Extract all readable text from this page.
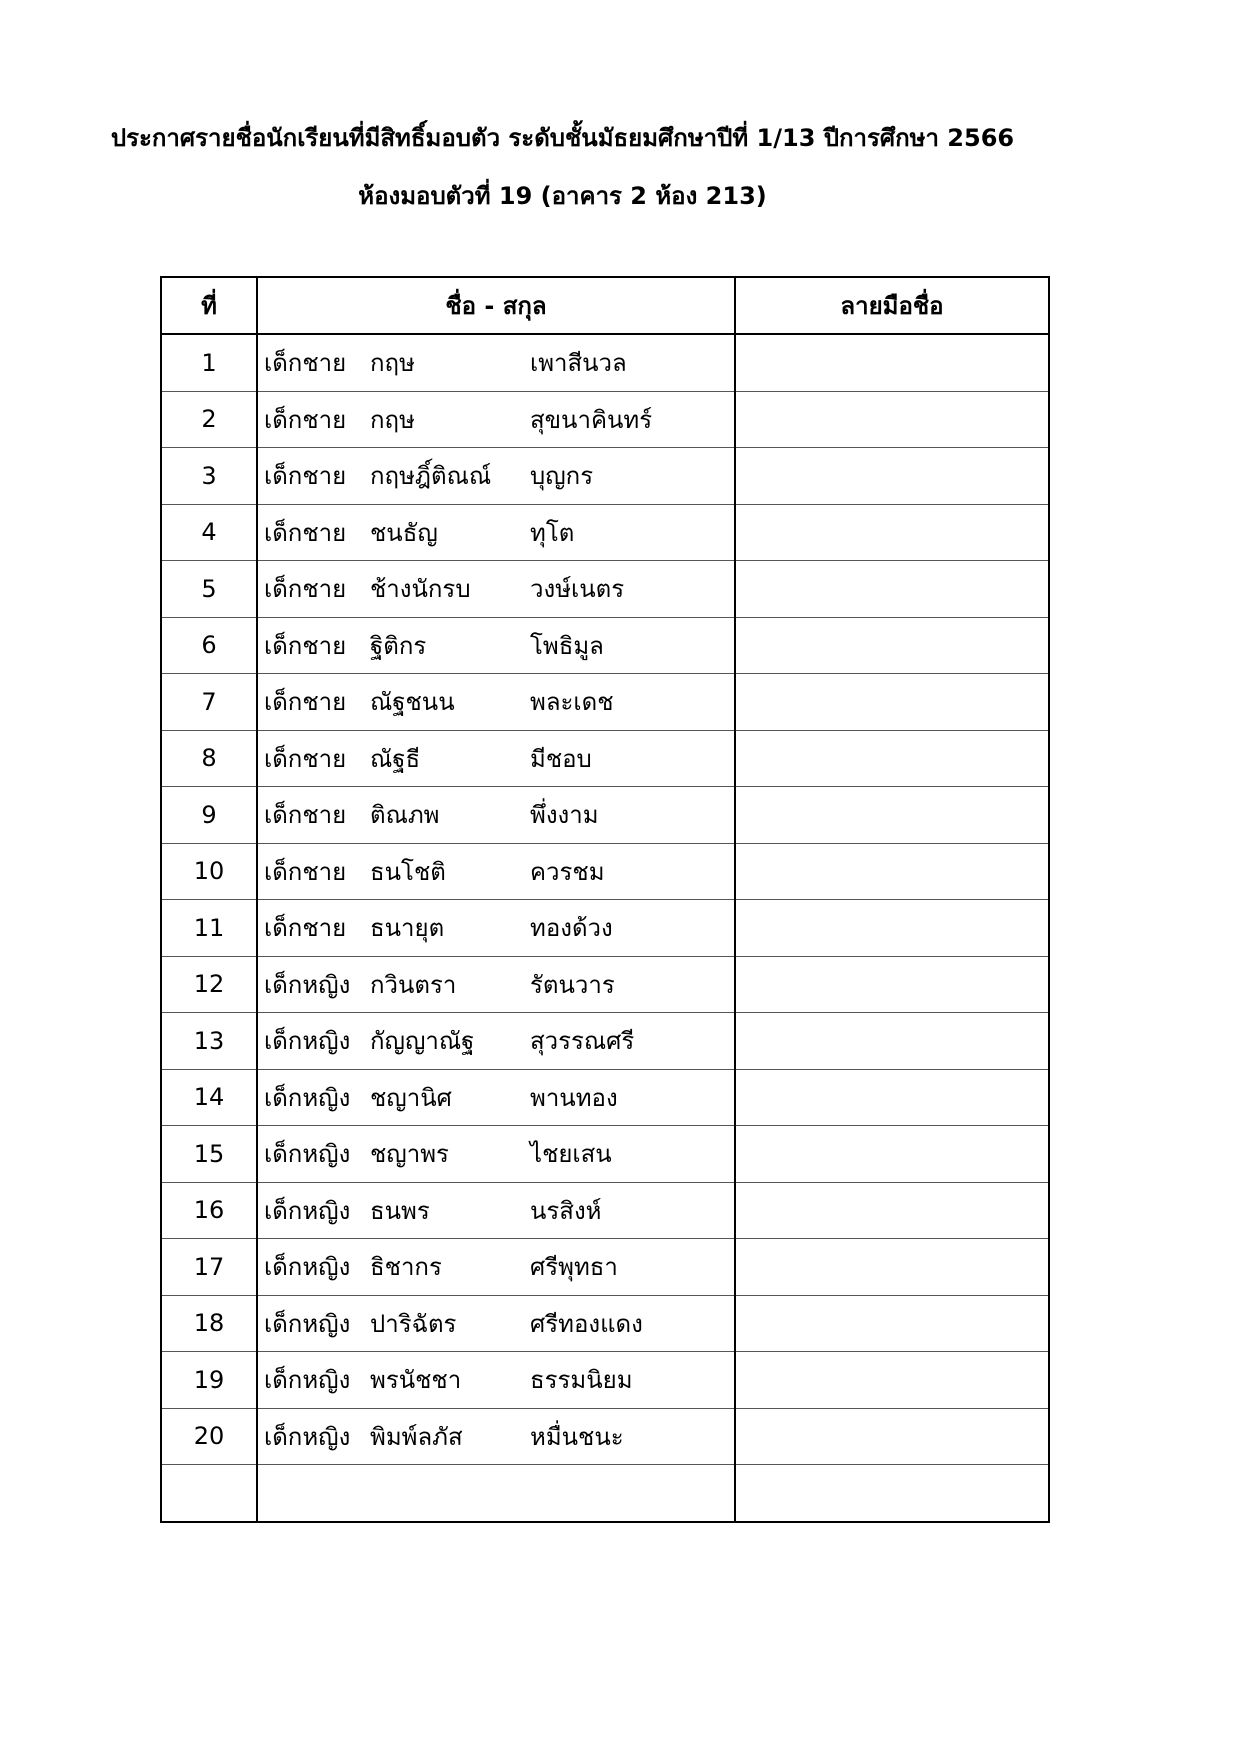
ประกาศรายชื่อนักเรียนที่มีสิทธิ์มอบตัว ระดับชั้นมัธยมศึกษาปีที่ 1/13 ปีการศึกษา 2566
ห้องมอบตัวที่ 19 (อาคาร 2 ห้อง 213)
ที่	ชื่อ - สกุล	ลายมือชื่อ
1	เด็กชาย กฤษ เพาสีนวล	
2	เด็กชาย กฤษ สุขนาคินทร์	
3	เด็กชาย กฤษฎิ์ติณณ์ บุญกร	
4	เด็กชาย ชนธัญ ทุโต	
5	เด็กชาย ช้างนักรบ วงษ์เนตร	
6	เด็กชาย ฐิติกร โพธิมูล	
7	เด็กชาย ณัฐชนน พละเดช	
8	เด็กชาย ณัฐธี มีชอบ	
9	เด็กชาย ติณภพ พึ่งงาม	
10	เด็กชาย ธนโชติ ควรชม	
11	เด็กชาย ธนายุต ทองด้วง	
12	เด็กหญิง กวินตรา รัตนวาร	
13	เด็กหญิง กัญญาณัฐ สุวรรณศรี	
14	เด็กหญิง ชญานิศ พานทอง	
15	เด็กหญิง ชญาพร ไชยเสน	
16	เด็กหญิง ธนพร นรสิงห์	
17	เด็กหญิง ธิชากร ศรีพุทธา	
18	เด็กหญิง ปาริฉัตร ศรีทองแดง	
19	เด็กหญิง พรนัชชา ธรรมนิยม	
20	เด็กหญิง พิมพ์ลภัส หมื่นชนะ	
